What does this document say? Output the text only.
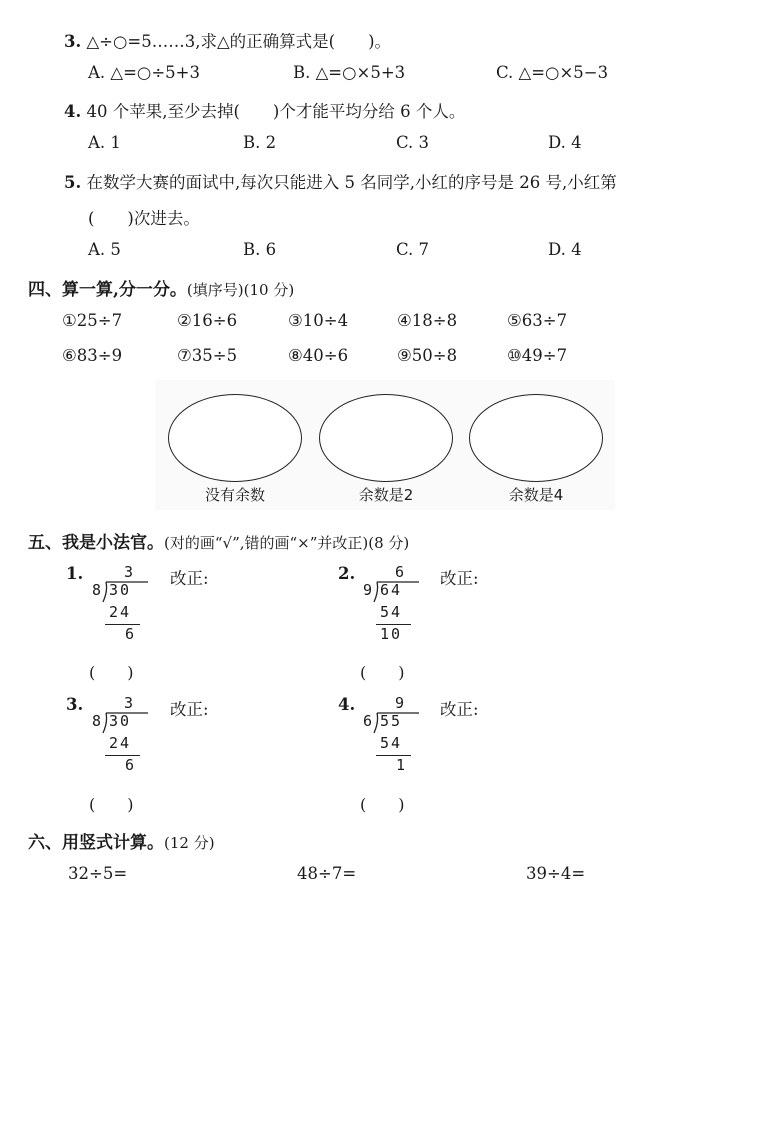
3. △÷○=5……3,求△的正确算式是(　　)。
A. △=○÷5+3	B. △=○×5+3	C. △=○×5−3
4. 40 个苹果,至少去掉(　　)个才能平均分给 6 个人。
A. 1	B. 2	C. 3	D. 4
5. 在数学大赛的面试中,每次只能进入 5 名同学,小红的序号是 26 号,小红第
(　　)次进去。
A. 5	B. 6	C. 7	D. 4
四、算一算,分一分。(填序号)(10 分)
①25÷7	②16÷6	③10÷4	④18÷8	⑤63÷7
⑥83÷9	⑦35÷5	⑧40÷6	⑨50÷8	⑩49÷7
没有余数	余数是2	余数是4
五、我是小法官。(对的画“√”,错的画“×”并改正)(8 分)
1.	3
8 30
24
6
改正:
(　　)
2.	6
9 64
54
10
改正:
(　　)
3.	3
8 30
24
6
改正:
(　　)
4.	9
6 55
54
1
改正:
(　　)
六、用竖式计算。(12 分)
32÷5=	48÷7=	39÷4=
